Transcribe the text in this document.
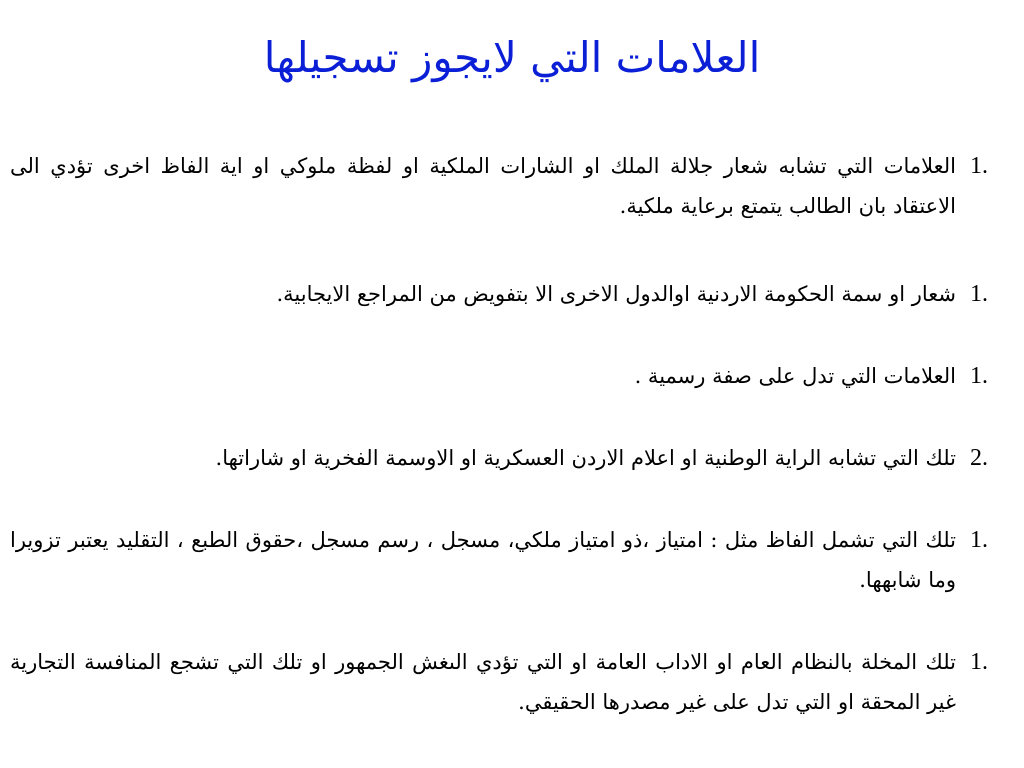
العلامات التي لايجوز تسجيلها
1.
العلامات التي تشابه شعار جلالة الملك او الشارات الملكية او لفظة ملوكي او اية الفاظ اخرى تؤدي الى الاعتقاد بان الطالب يتمتع برعاية ملكية.
1.
شعار او سمة الحكومة الاردنية اوالدول الاخرى الا بتفويض من المراجع الايجابية.
1.
العلامات التي تدل على صفة رسمية .
2.
تلك التي تشابه الراية الوطنية او اعلام الاردن العسكرية او الاوسمة الفخرية او شاراتها.
1.
تلك التي تشمل الفاظ مثل : امتياز ،ذو امتياز ملكي، مسجل ، رسم مسجل ،حقوق الطبع ، التقليد يعتبر تزويرا وما شابهها.
1.
تلك المخلة بالنظام العام او الاداب العامة او التي تؤدي الىغش الجمهور او تلك التي تشجع المنافسة التجارية غير المحقة او التي تدل على غير مصدرها الحقيقي.
